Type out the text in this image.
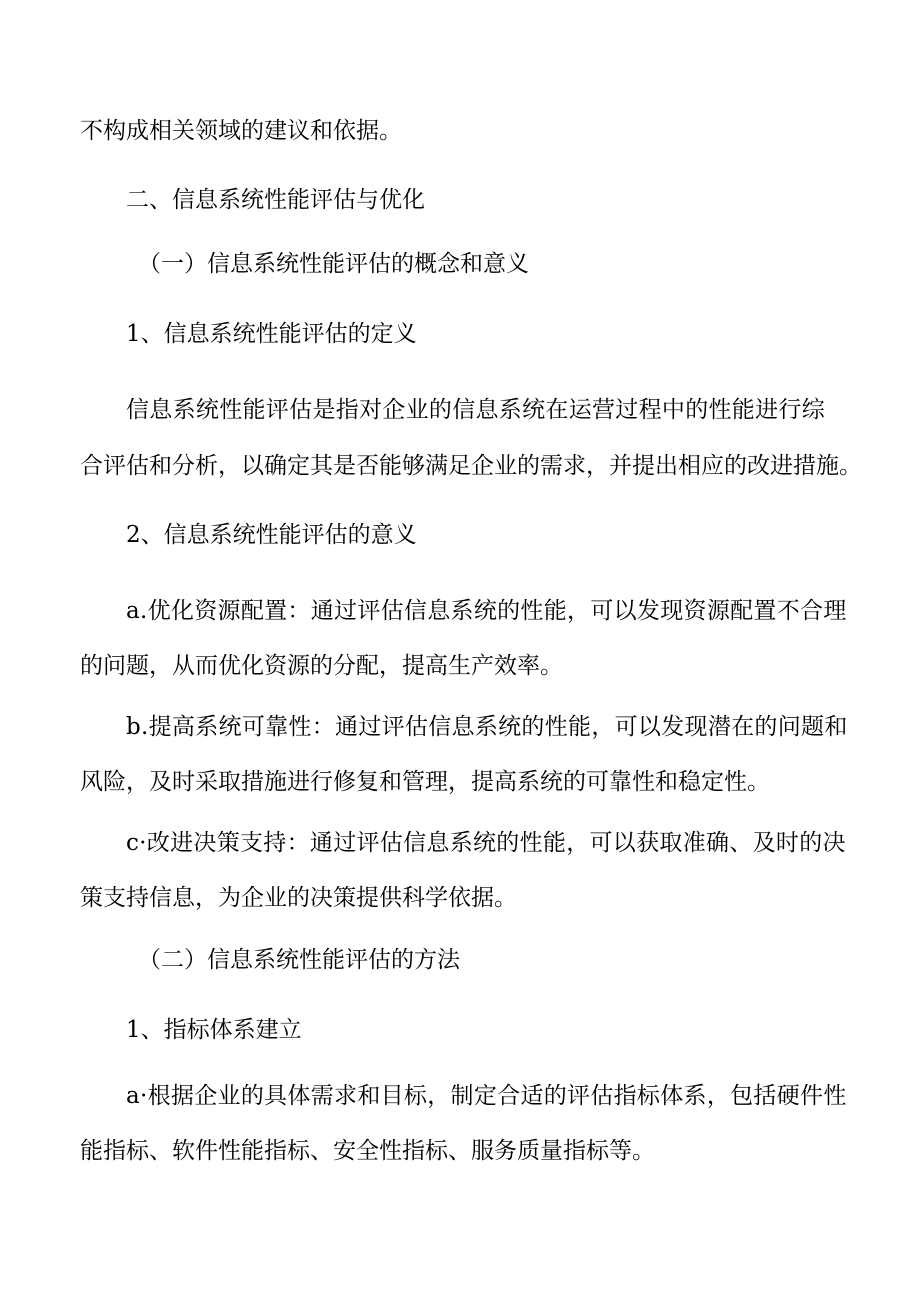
不构成相关领域的建议和依据。

二、信息系统性能评估与优化

（一）信息系统性能评估的概念和意义

1、信息系统性能评估的定义

信息系统性能评估是指对企业的信息系统在运营过程中的性能进行综

合评估和分析，以确定其是否能够满足企业的需求，并提出相应的改进措施。

2、信息系统性能评估的意义

a.优化资源配置：通过评估信息系统的性能，可以发现资源配置不合理

的问题，从而优化资源的分配，提高生产效率。

b.提高系统可靠性：通过评估信息系统的性能，可以发现潜在的问题和

风险，及时采取措施进行修复和管理，提高系统的可靠性和稳定性。

c·改进决策支持：通过评估信息系统的性能，可以获取准确、及时的决

策支持信息，为企业的决策提供科学依据。

（二）信息系统性能评估的方法

1、指标体系建立

a·根据企业的具体需求和目标，制定合适的评估指标体系，包括硬件性

能指标、软件性能指标、安全性指标、服务质量指标等。
